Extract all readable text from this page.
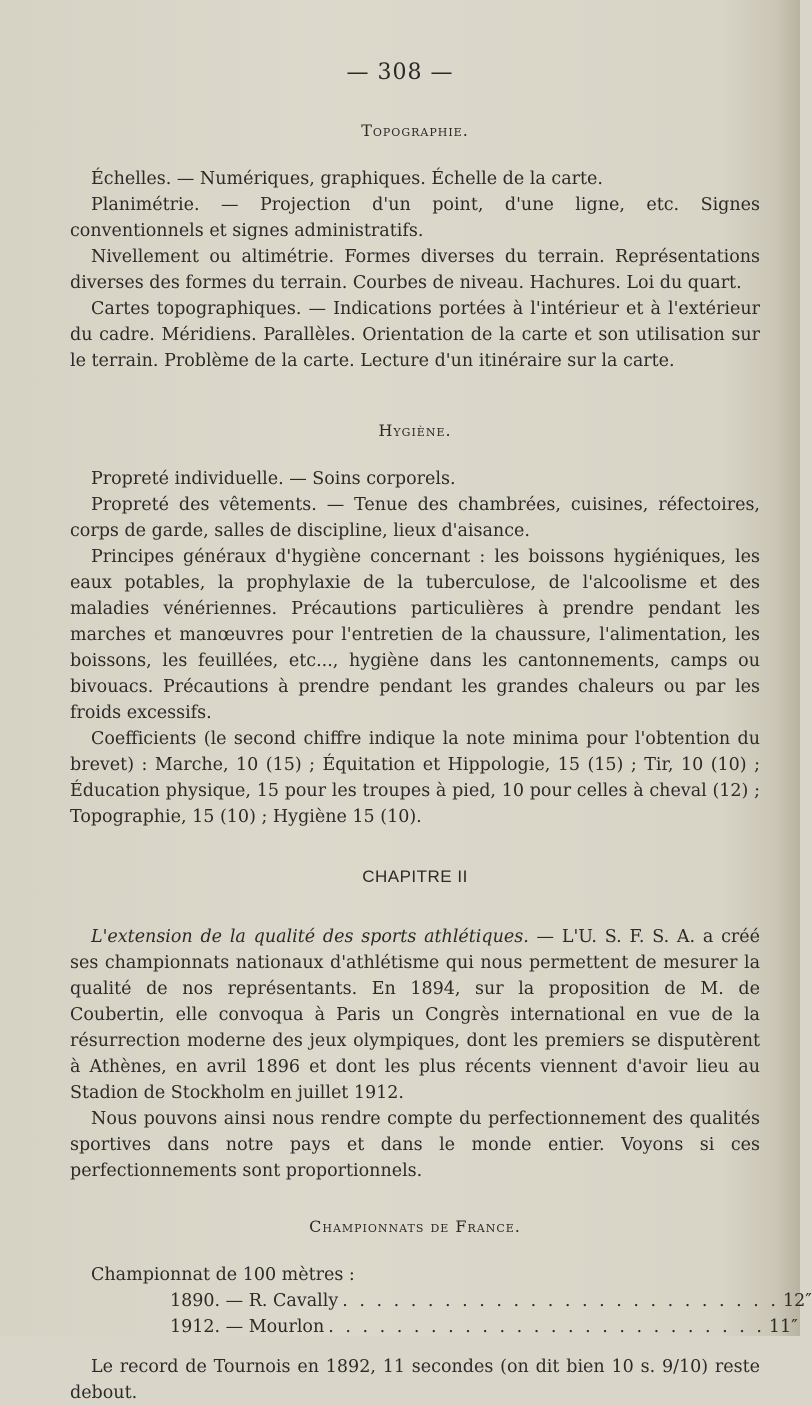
— 308 —
Topographie.

Échelles. — Numériques, graphiques. Échelle de la carte.

Planimétrie. — Projection d'un point, d'une ligne, etc. Signes conventionnels et signes administratifs.

Nivellement ou altimétrie. Formes diverses du terrain. Représentations diverses des formes du terrain. Courbes de niveau. Hachures. Loi du quart.

Cartes topographiques. — Indications portées à l'intérieur et à l'extérieur du cadre. Méridiens. Parallèles. Orientation de la carte et son utilisation sur le terrain. Problème de la carte. Lecture d'un itinéraire sur la carte.

Hygiène.

Propreté individuelle. — Soins corporels.

Propreté des vêtements. — Tenue des chambrées, cuisines, réfectoires, corps de garde, salles de discipline, lieux d'aisance.

Principes généraux d'hygiène concernant : les boissons hygiéniques, les eaux potables, la prophylaxie de la tuberculose, de l'alcoolisme et des maladies vénériennes. Précautions particulières à prendre pendant les marches et manœuvres pour l'entretien de la chaussure, l'alimentation, les boissons, les feuillées, etc..., hygiène dans les cantonnements, camps ou bivouacs. Précautions à prendre pendant les grandes chaleurs ou par les froids excessifs.

Coefficients (le second chiffre indique la note minima pour l'obtention du brevet) : Marche, 10 (15) ; Équitation et Hippologie, 15 (15) ; Tir, 10 (10) ; Éducation physique, 15 pour les troupes à pied, 10 pour celles à cheval (12) ; Topographie, 15 (10) ; Hygiène 15 (10).

CHAPITRE II

L'extension de la qualité des sports athlétiques. — L'U. S. F. S. A. a créé ses championnats nationaux d'athlétisme qui nous permettent de mesurer la qualité de nos représentants. En 1894, sur la proposition de M. de Coubertin, elle convoqua à Paris un Congrès international en vue de la résurrection moderne des jeux olympiques, dont les premiers se disputèrent à Athènes, en avril 1896 et dont les plus récents viennent d'avoir lieu au Stadion de Stockholm en juillet 1912.

Nous pouvons ainsi nous rendre compte du perfectionnement des qualités sportives dans notre pays et dans le monde entier. Voyons si ces perfectionnements sont proportionnels.

Championnats de France.

Championnat de 100 mètres :

1890. — R. Cavally . . . . . . . . . . . . . . . . . . . . . . . . . . 12″
1912. — Mourlon . . . . . . . . . . . . . . . . . . . . . . . . . . 11″

Le record de Tournois en 1892, 11 secondes (on dit bien 10 s. 9/10) reste debout.
